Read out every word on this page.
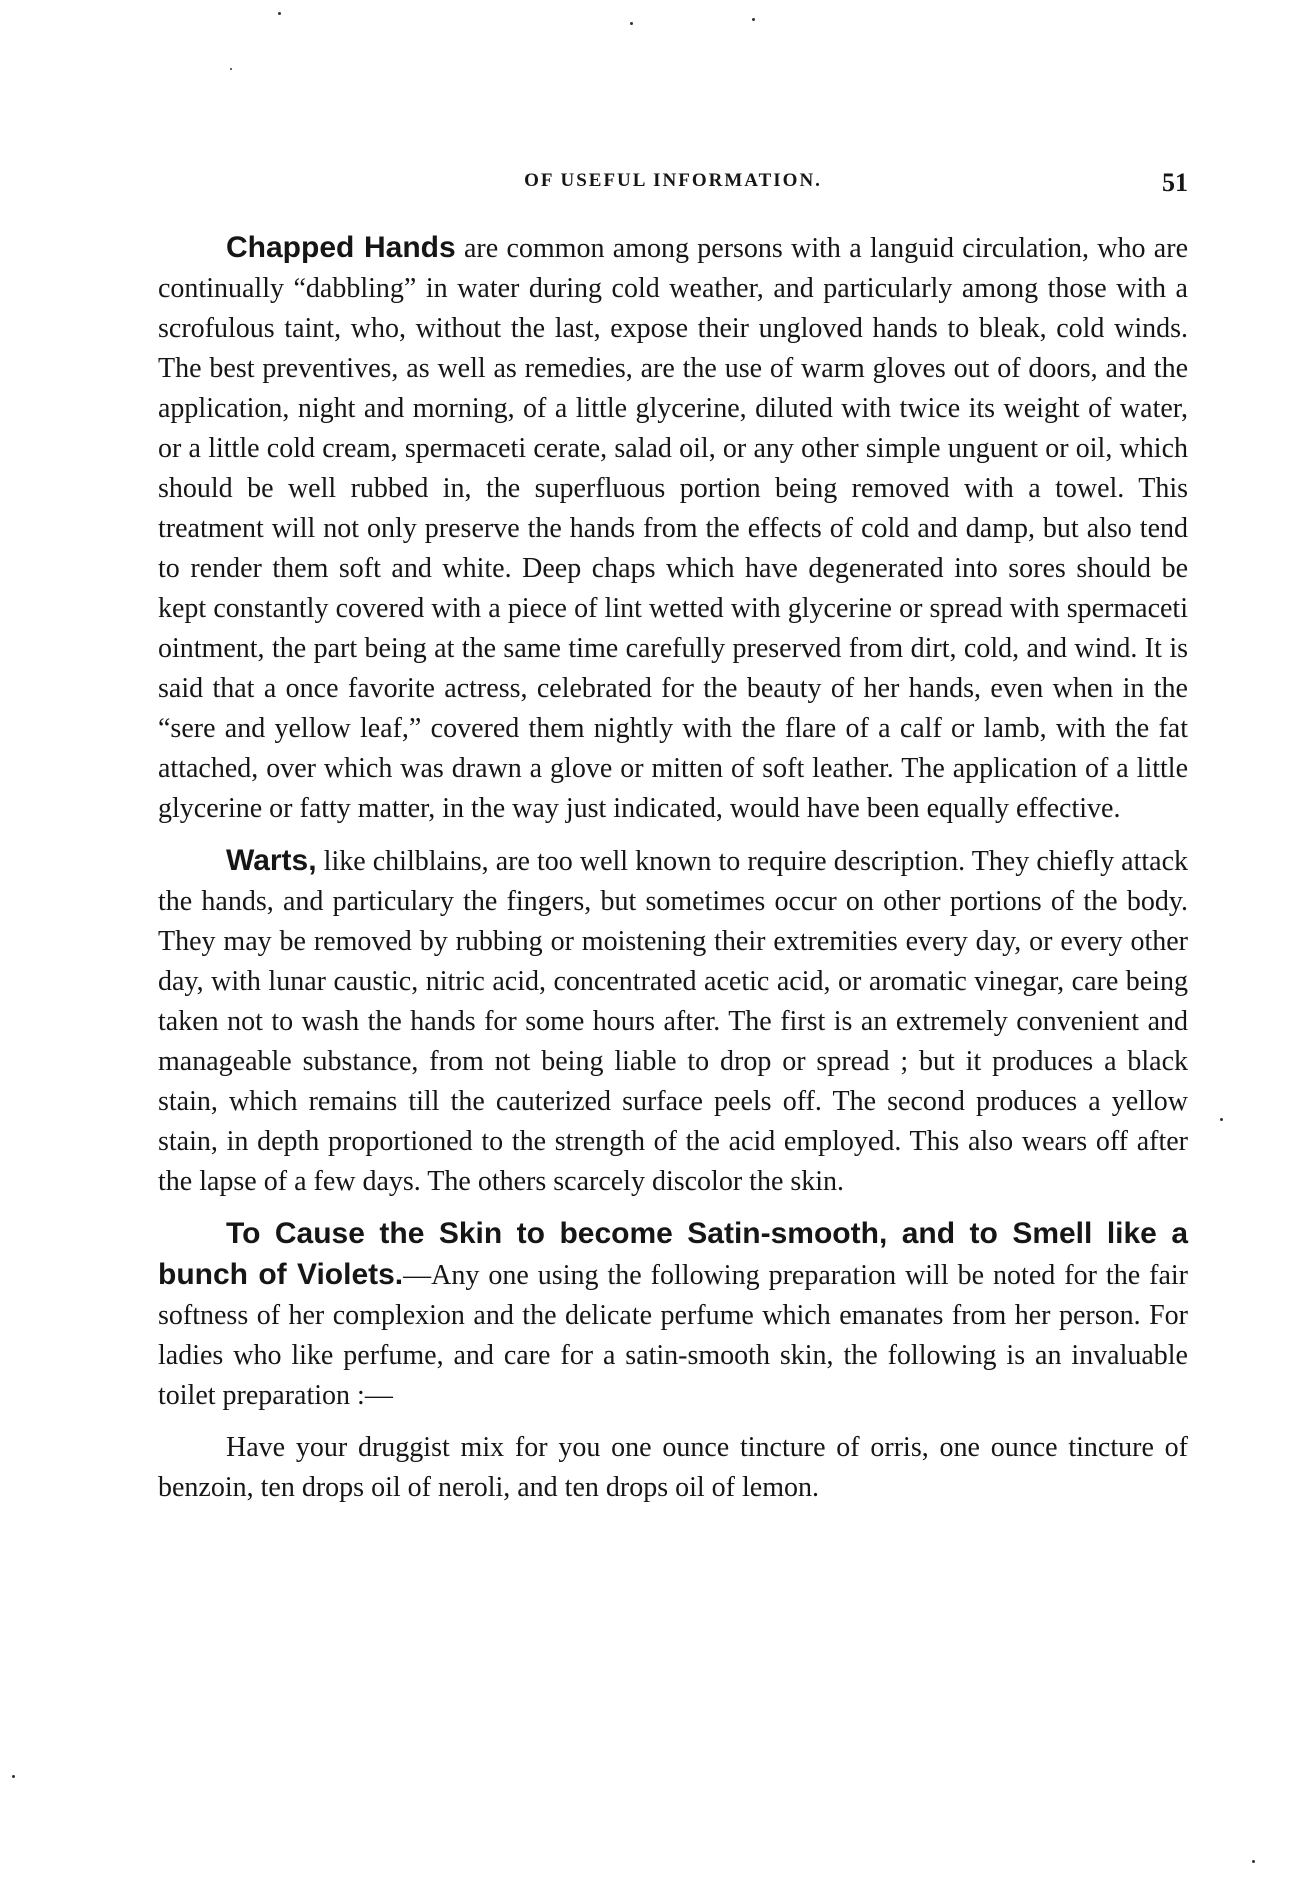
OF USEFUL INFORMATION.	51

Chapped Hands are common among persons with a languid circulation, who are continually “dabbling” in water during cold weather, and particularly among those with a scrofulous taint, who, without the last, expose their ungloved hands to bleak, cold winds. The best preventives, as well as remedies, are the use of warm gloves out of doors, and the application, night and morning, of a little glycerine, diluted with twice its weight of water, or a little cold cream, spermaceti cerate, salad oil, or any other simple unguent or oil, which should be well rubbed in, the superfluous portion being removed with a towel. This treatment will not only preserve the hands from the effects of cold and damp, but also tend to render them soft and white. Deep chaps which have degenerated into sores should be kept constantly covered with a piece of lint wetted with glycerine or spread with spermaceti ointment, the part being at the same time carefully preserved from dirt, cold, and wind. It is said that a once favorite actress, celebrated for the beauty of her hands, even when in the “sere and yellow leaf,” covered them nightly with the flare of a calf or lamb, with the fat attached, over which was drawn a glove or mitten of soft leather. The application of a little glycerine or fatty matter, in the way just indicated, would have been equally effective.

Warts, like chilblains, are too well known to require description. They chiefly attack the hands, and particulary the fingers, but sometimes occur on other portions of the body. They may be removed by rubbing or moistening their extremities every day, or every other day, with lunar caustic, nitric acid, concentrated acetic acid, or aromatic vinegar, care being taken not to wash the hands for some hours after. The first is an extremely convenient and manageable substance, from not being liable to drop or spread ; but it produces a black stain, which remains till the cauterized surface peels off. The second produces a yellow stain, in depth proportioned to the strength of the acid employed. This also wears off after the lapse of a few days. The others scarcely discolor the skin.

To Cause the Skin to become Satin-smooth, and to Smell like a bunch of Violets.—Any one using the following preparation will be noted for the fair softness of her complexion and the delicate perfume which emanates from her person. For ladies who like perfume, and care for a satin-smooth skin, the following is an invaluable toilet preparation :—

Have your druggist mix for you one ounce tincture of orris, one ounce tincture of benzoin, ten drops oil of neroli, and ten drops oil of lemon.
